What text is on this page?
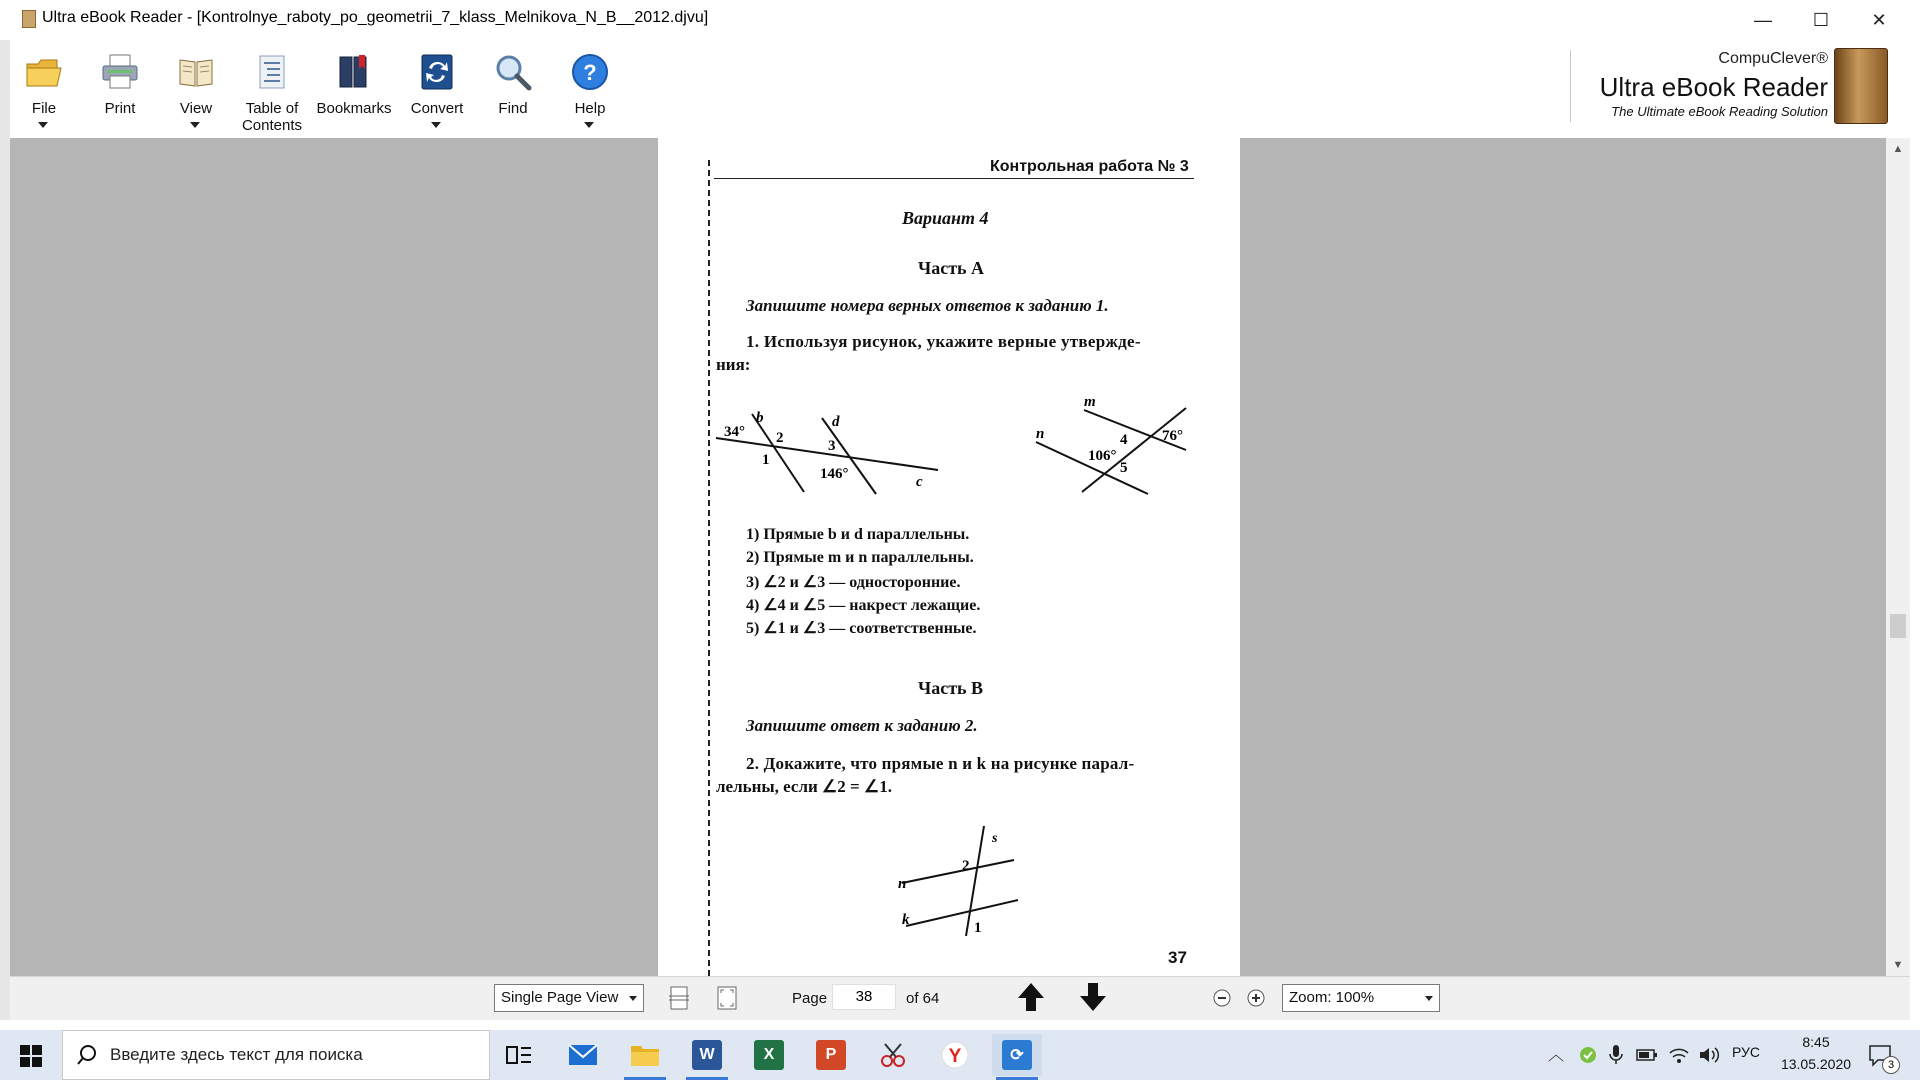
Ultra eBook Reader - [Kontrolnye_raboty_po_geometrii_7_klass_Melnikova_N_B__2012.djvu]	—	☐	✕
File	Print	View	Table of Contents
Bookmarks	Convert	Find
?
Help
CompuClever®
Ultra eBook Reader
The Ultimate eBook Reading Solution
▲
▼
Контрольная работа № 3
Вариант 4
Часть А
Запишите номера верных ответов к заданию 1.
1. Используя рисунок, укажите верные утвержде-
ния:
b	d
c
34° 2	3
1
146°
m
n	4 76°
106°
5
1) Прямые b и d параллельны.
2) Прямые m и n параллельны.
3) ∠2 и ∠3 — односторонние.
4) ∠4 и ∠5 — накрест лежащие.
5) ∠1 и ∠3 — соответственные.
Часть В
Запишите ответ к заданию 2.
2. Докажите, что прямые n и k на рисунке парал-
лельны, если ∠2 = ∠1.
s
n
k
2
1
37
Single Page View	Page	38	of 64	Zoom: 100%
Введите здесь текст для поиска	W	X	P	Y	⟳	︿	РУС
8:45
13.05.2020	3
